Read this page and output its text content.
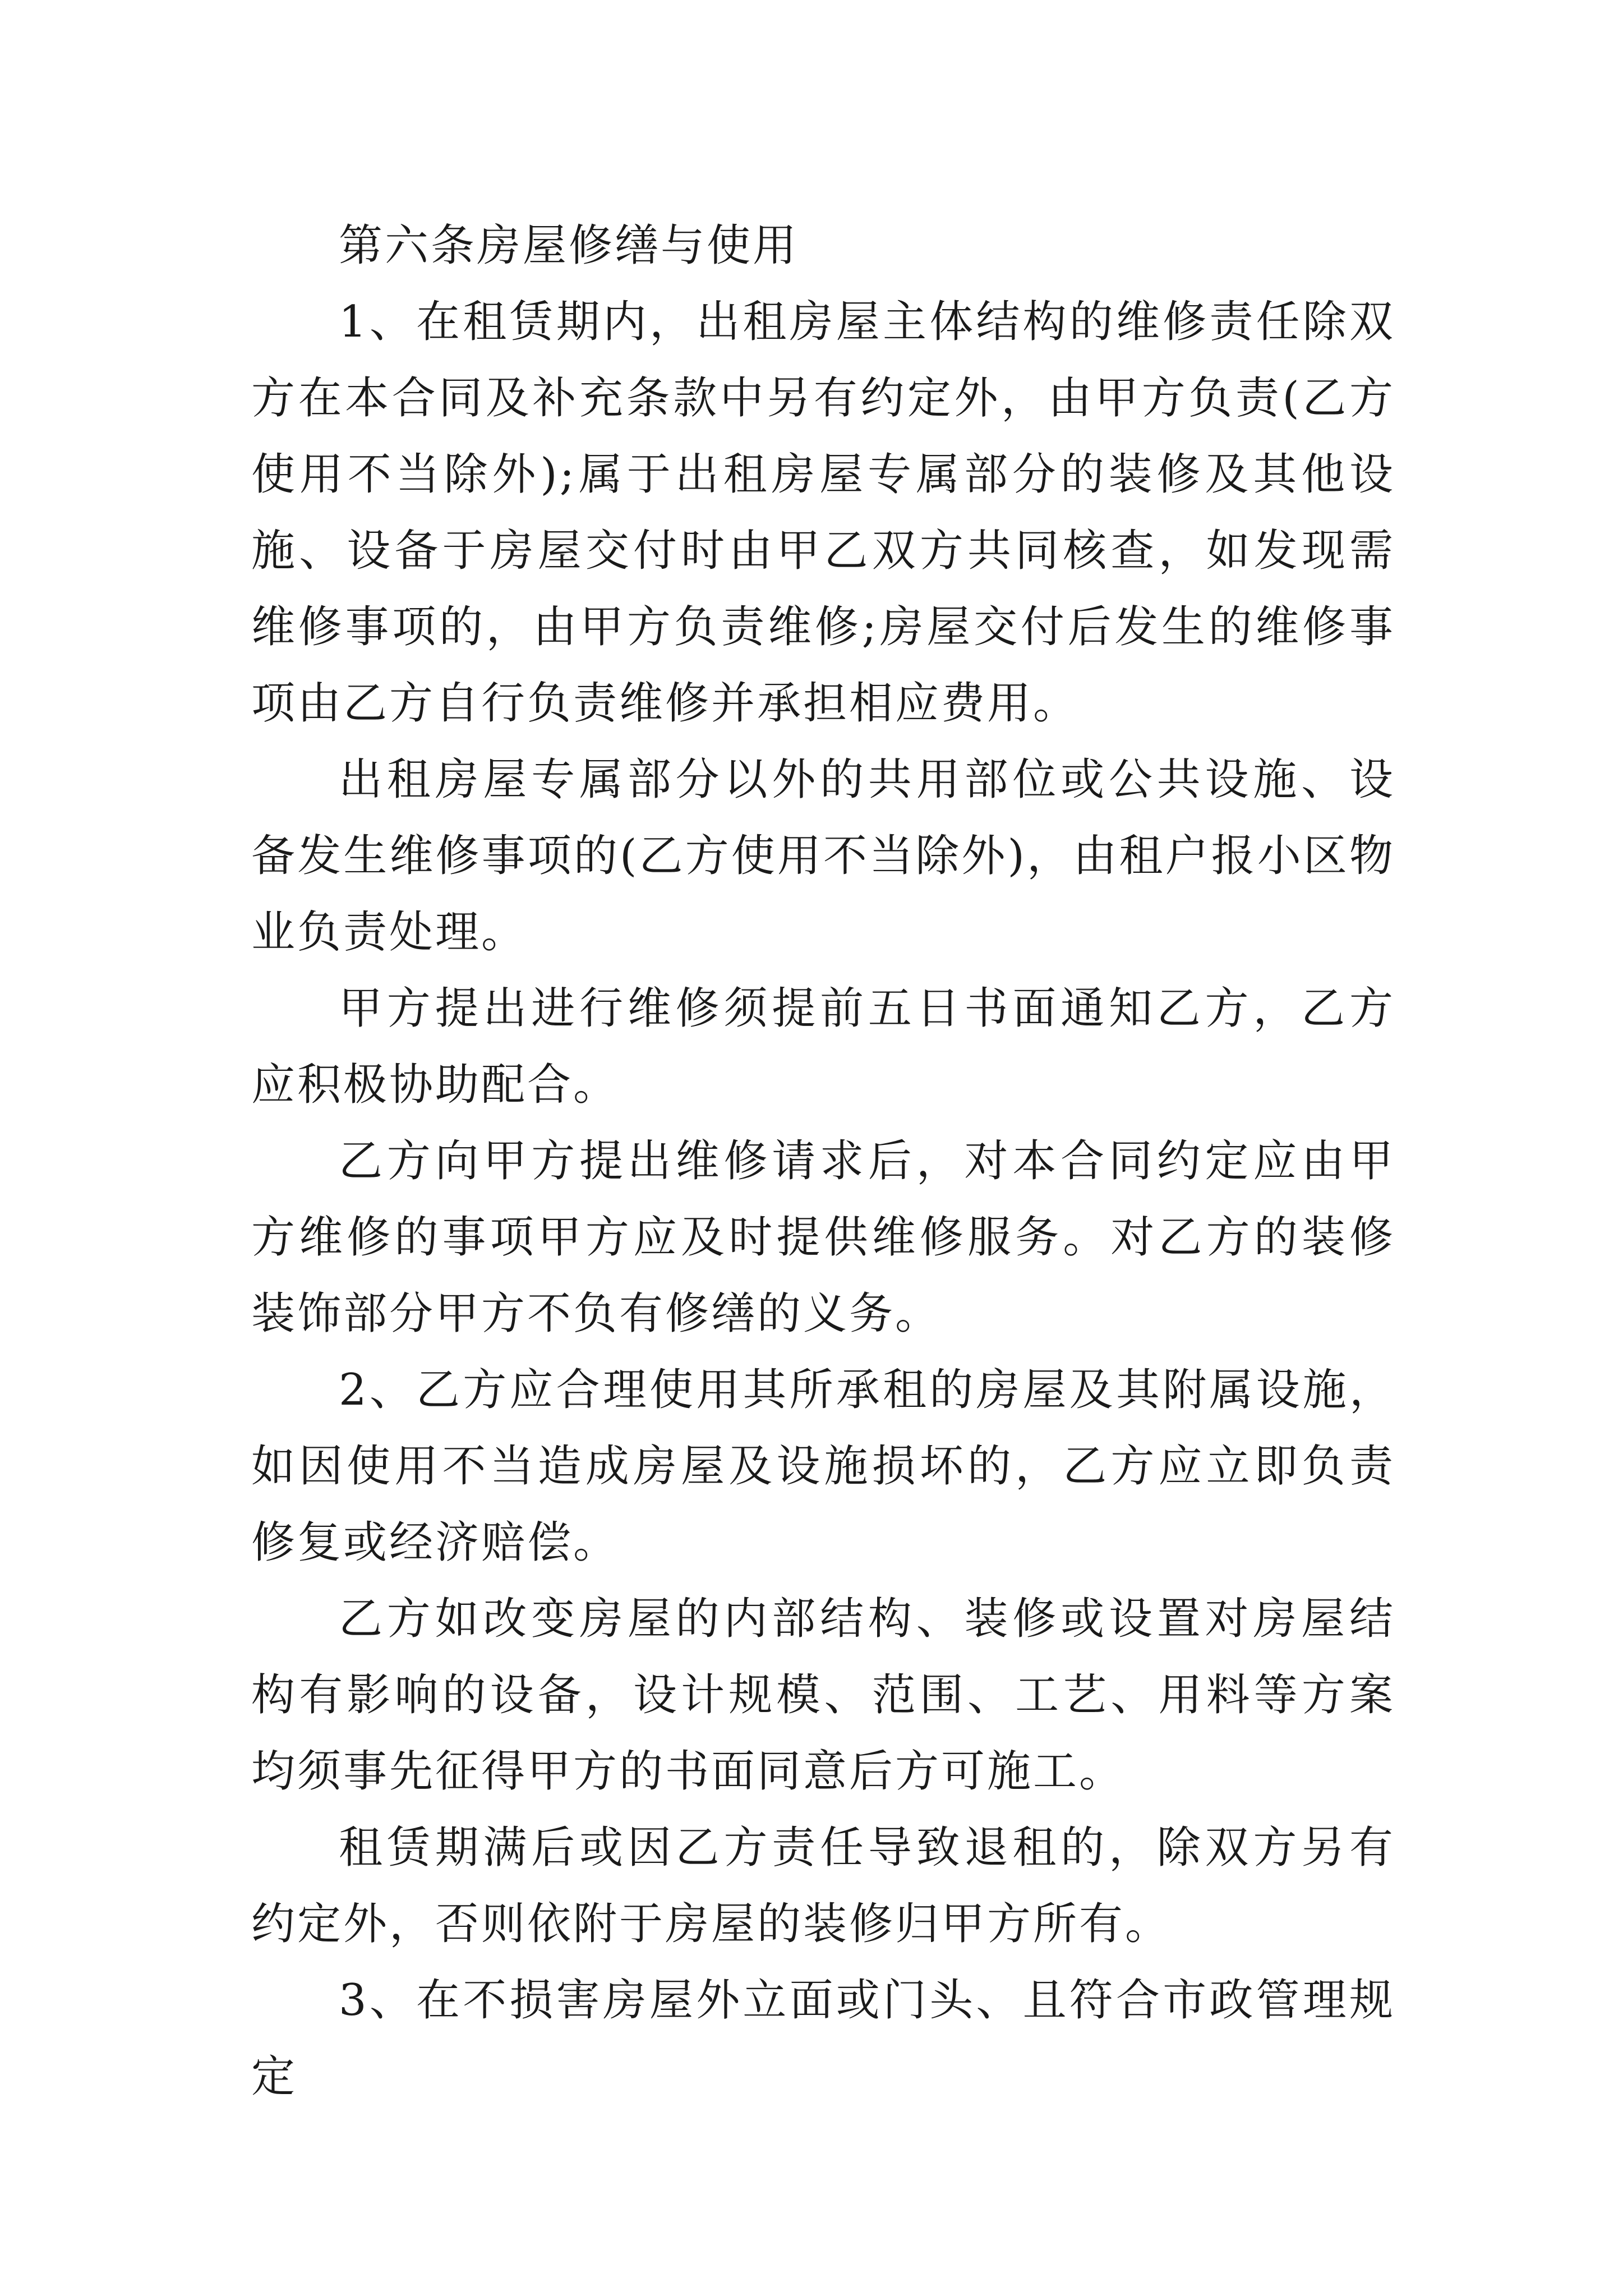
第六条房屋修缮与使用

1、在租赁期内，出租房屋主体结构的维修责任除双方在本合同及补充条款中另有约定外，由甲方负责(乙方使用不当除外);属于出租房屋专属部分的装修及其他设施、设备于房屋交付时由甲乙双方共同核查，如发现需维修事项的，由甲方负责维修;房屋交付后发生的维修事项由乙方自行负责维修并承担相应费用。

出租房屋专属部分以外的共用部位或公共设施、设备发生维修事项的(乙方使用不当除外)，由租户报小区物业负责处理。

甲方提出进行维修须提前五日书面通知乙方，乙方应积极协助配合。

乙方向甲方提出维修请求后，对本合同约定应由甲方维修的事项甲方应及时提供维修服务。对乙方的装修装饰部分甲方不负有修缮的义务。

2、乙方应合理使用其所承租的房屋及其附属设施，如因使用不当造成房屋及设施损坏的，乙方应立即负责修复或经济赔偿。

乙方如改变房屋的内部结构、装修或设置对房屋结构有影响的设备，设计规模、范围、工艺、用料等方案均须事先征得甲方的书面同意后方可施工。

租赁期满后或因乙方责任导致退租的，除双方另有约定外，否则依附于房屋的装修归甲方所有。

3、在不损害房屋外立面或门头、且符合市政管理规定
